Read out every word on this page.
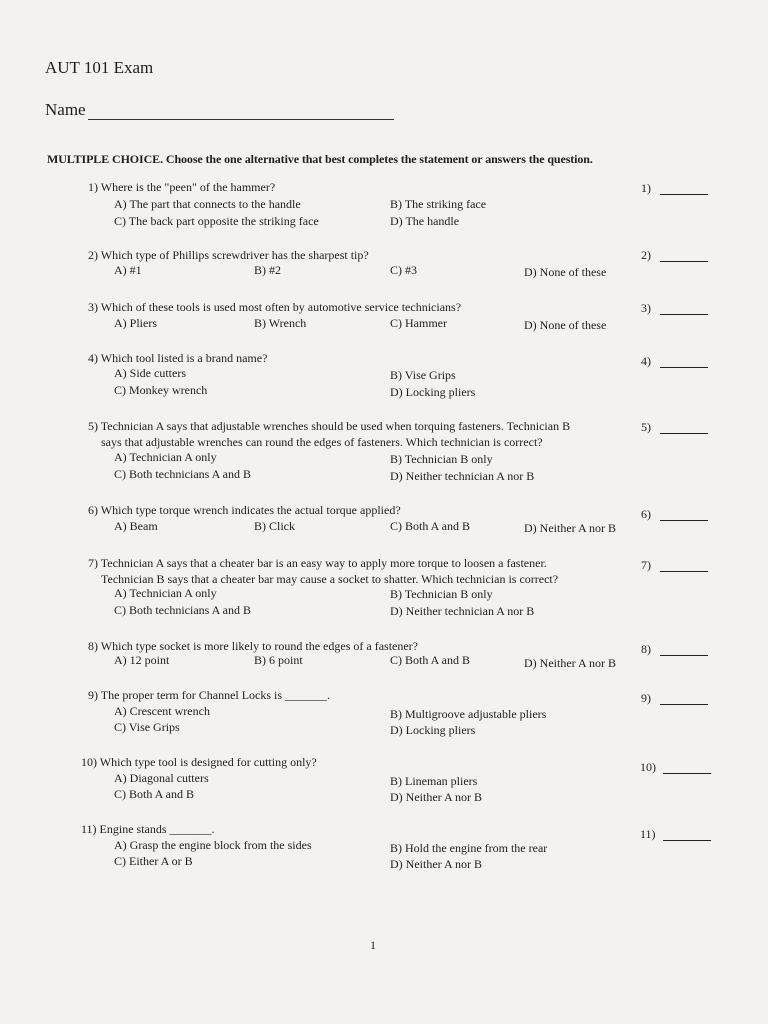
AUT 101 Exam
Name
MULTIPLE CHOICE. Choose the one alternative that best completes the statement or answers the question.
1) Where is the "peen" of the hammer?
A) The part that connects to the handle	B) The striking face
C) The back part opposite the striking face	D) The handle
1)
2) Which type of Phillips screwdriver has the sharpest tip?
A) #1	B) #2	C) #3	D) None of these
2)
3) Which of these tools is used most often by automotive service technicians?
A) Pliers	B) Wrench	C) Hammer	D) None of these
3)
4) Which tool listed is a brand name?
A) Side cutters	B) Vise Grips
C) Monkey wrench	D) Locking pliers
4)
5) Technician A says that adjustable wrenches should be used when torquing fasteners. Technician B
says that adjustable wrenches can round the edges of fasteners. Which technician is correct?
A) Technician A only	B) Technician B only
C) Both technicians A and B	D) Neither technician A nor B
5)
6) Which type torque wrench indicates the actual torque applied?
A) Beam	B) Click	C) Both A and B	D) Neither A nor B
6)
7) Technician A says that a cheater bar is an easy way to apply more torque to loosen a fastener.
Technician B says that a cheater bar may cause a socket to shatter. Which technician is correct?
A) Technician A only	B) Technician B only
C) Both technicians A and B	D) Neither technician A nor B
7)
8) Which type socket is more likely to round the edges of a fastener?
A) 12 point	B) 6 point	C) Both A and B	D) Neither A nor B
8)
9) The proper term for Channel Locks is _______.
A) Crescent wrench	B) Multigroove adjustable pliers
C) Vise Grips	D) Locking pliers
9)
10) Which type tool is designed for cutting only?
A) Diagonal cutters	B) Lineman pliers
C) Both A and B	D) Neither A nor B
10)
11) Engine stands _______.
A) Grasp the engine block from the sides	B) Hold the engine from the rear
C) Either A or B	D) Neither A nor B
11)
1
